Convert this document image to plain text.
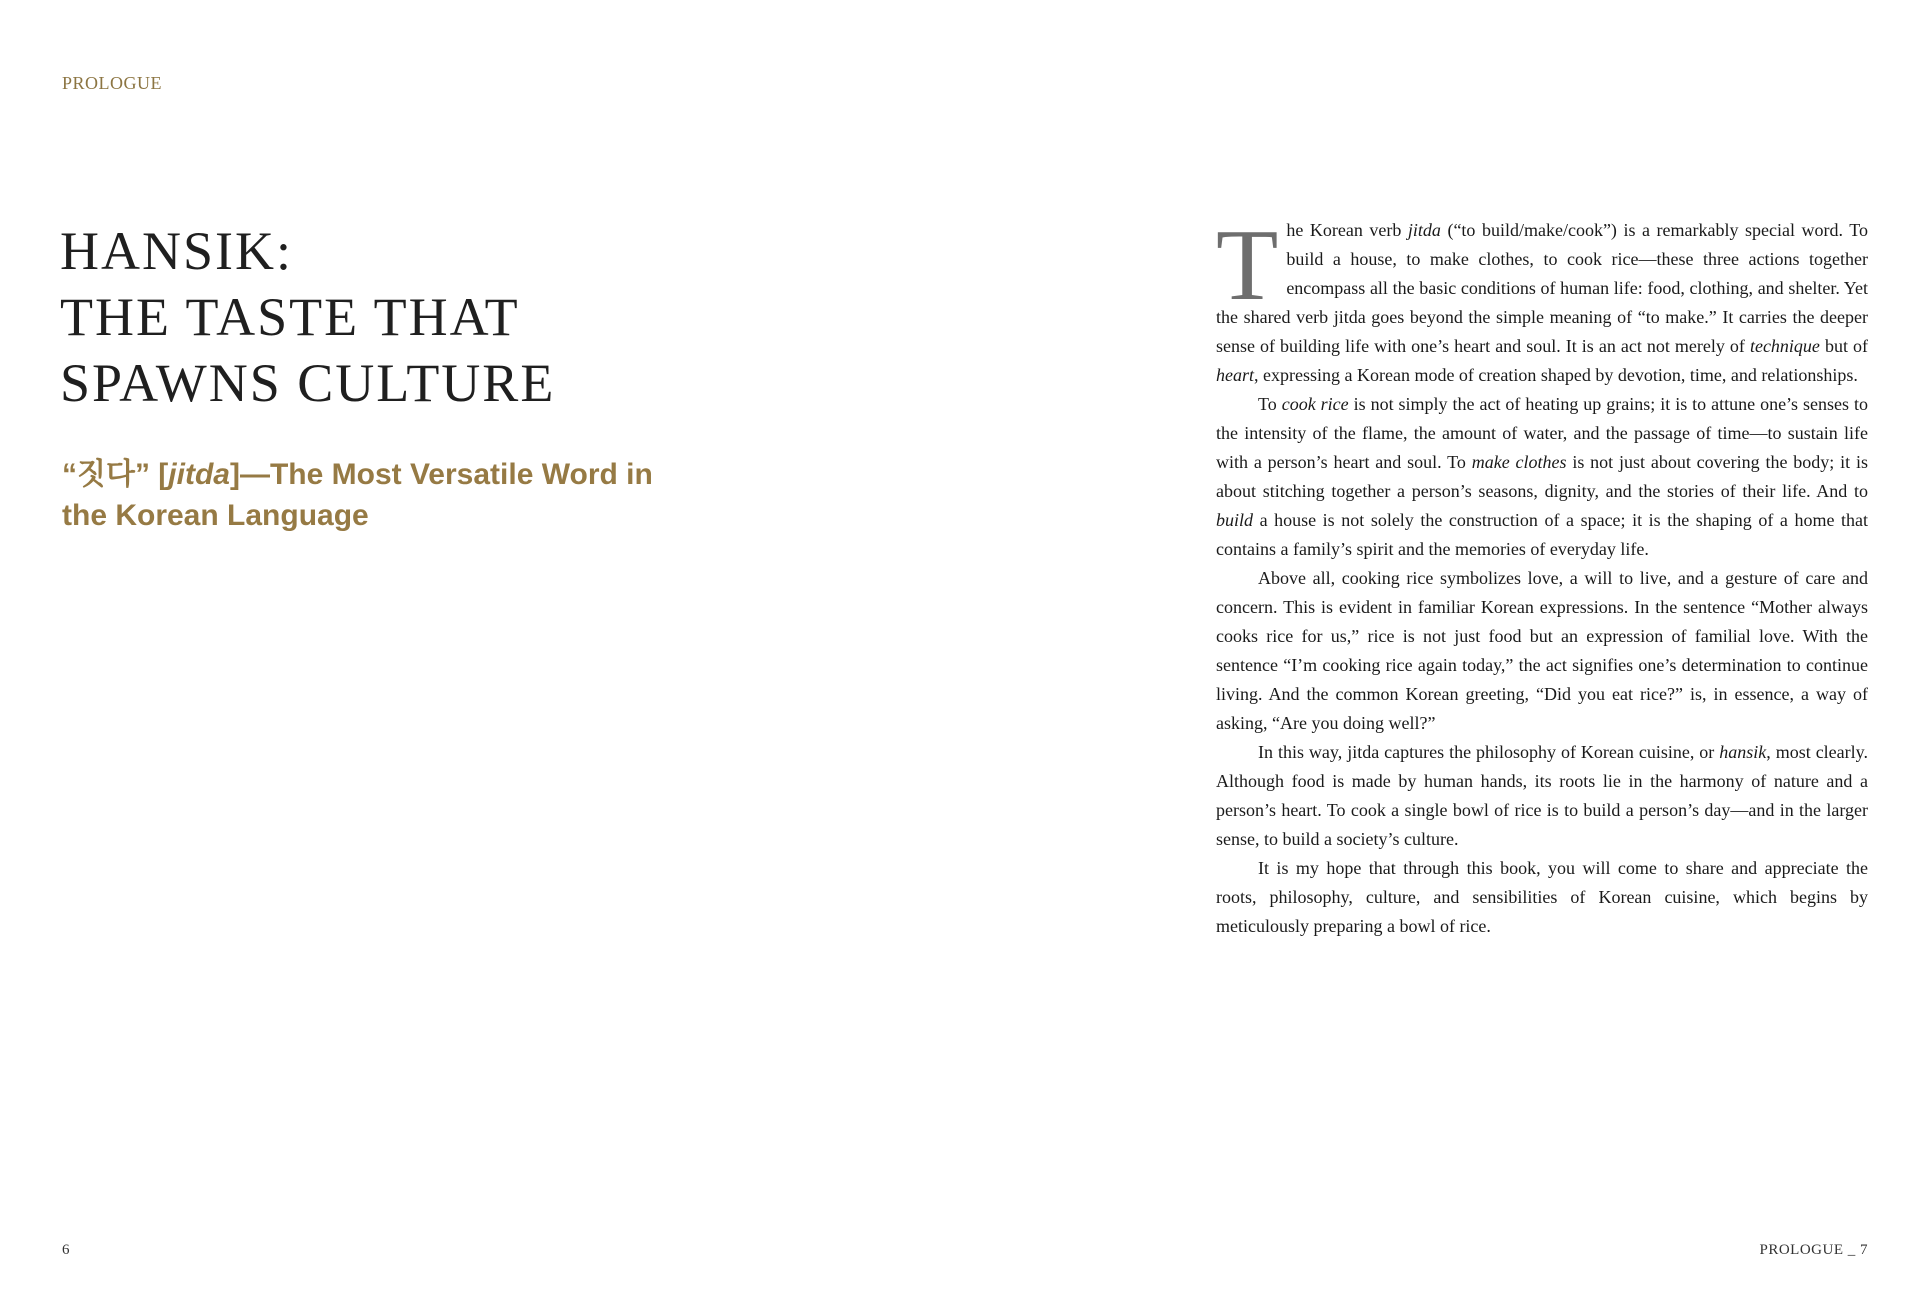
PROLOGUE
HANSIK:
THE TASTE THAT
SPAWNS CULTURE
“짓다” [jitda]—The Most Versatile Word in the Korean Language
6

The Korean verb jitda (“to build/make/cook”) is a remarkably special word. To build a house, to make clothes, to cook rice—these three actions together encompass all the basic conditions of human life: food, clothing, and shelter. Yet the shared verb jitda goes beyond the simple meaning of “to make.” It carries the deeper sense of building life with one’s heart and soul. It is an act not merely of technique but of heart, expressing a Korean mode of creation shaped by devotion, time, and relationships.

To cook rice is not simply the act of heating up grains; it is to attune one’s senses to the intensity of the flame, the amount of water, and the passage of time—to sustain life with a person’s heart and soul. To make clothes is not just about covering the body; it is about stitching together a person’s seasons, dignity, and the stories of their life. And to build a house is not solely the construction of a space; it is the shaping of a home that contains a family’s spirit and the memories of everyday life.

Above all, cooking rice symbolizes love, a will to live, and a gesture of care and concern. This is evident in familiar Korean expressions. In the sentence “Mother always cooks rice for us,” rice is not just food but an expression of familial love. With the sentence “I’m cooking rice again today,” the act signifies one’s determination to continue living. And the common Korean greeting, “Did you eat rice?” is, in essence, a way of asking, “Are you doing well?”

In this way, jitda captures the philosophy of Korean cuisine, or hansik, most clearly. Although food is made by human hands, its roots lie in the harmony of nature and a person’s heart. To cook a single bowl of rice is to build a person’s day—and in the larger sense, to build a society’s culture.

It is my hope that through this book, you will come to share and appreciate the roots, philosophy, culture, and sensibilities of Korean cuisine, which begins by meticulously preparing a bowl of rice.

PROLOGUE _ 7
